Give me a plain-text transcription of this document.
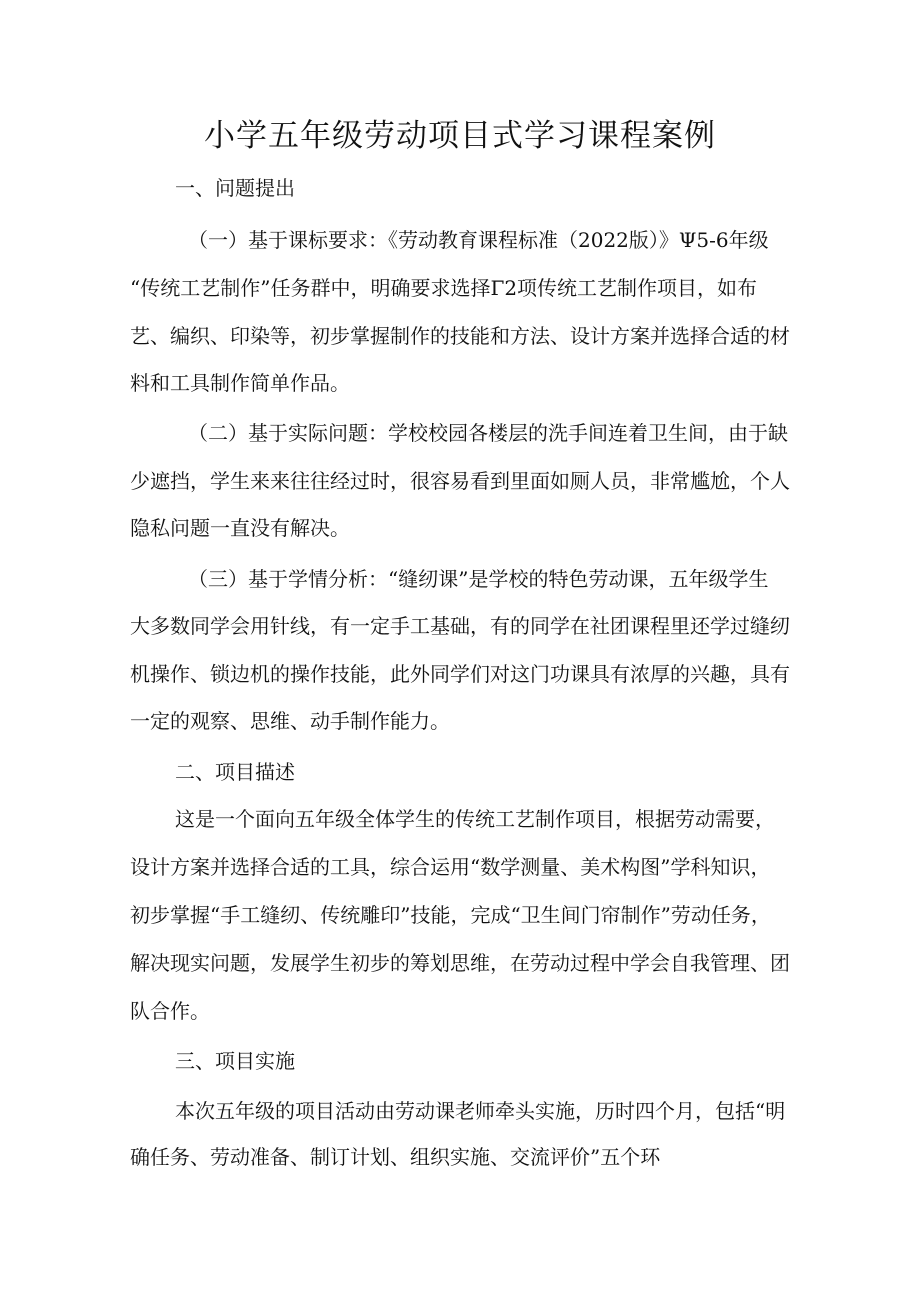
小学五年级劳动项目式学习课程案例
一、问题提出

（一）基于课标要求：《劳动教育课程标准（2022版）》Ψ5-6年级

“传统工艺制作”任务群中，明确要求选择Γ2项传统工艺制作项目，如布

艺、编织、印染等，初步掌握制作的技能和方法、设计方案并选择合适的材

料和工具制作简单作品。

（二）基于实际问题：学校校园各楼层的洗手间连着卫生间，由于缺

少遮挡，学生来来往往经过时，很容易看到里面如厕人员，非常尴尬，个人

隐私问题一直没有解决。

（三）基于学情分析：“缝纫课”是学校的特色劳动课，五年级学生

大多数同学会用针线，有一定手工基础，有的同学在社团课程里还学过缝纫

机操作、锁边机的操作技能，此外同学们对这门功课具有浓厚的兴趣，具有

一定的观察、思维、动手制作能力。

二、项目描述

这是一个面向五年级全体学生的传统工艺制作项目，根据劳动需要，

设计方案并选择合适的工具，综合运用“数学测量、美术构图”学科知识，

初步掌握“手工缝纫、传统雕印”技能，完成“卫生间门帘制作”劳动任务，

解决现实问题，发展学生初步的筹划思维，在劳动过程中学会自我管理、团

队合作。

三、项目实施

本次五年级的项目活动由劳动课老师牵头实施，历时四个月，包括“明

确任务、劳动准备、制订计划、组织实施、交流评价”五个环
